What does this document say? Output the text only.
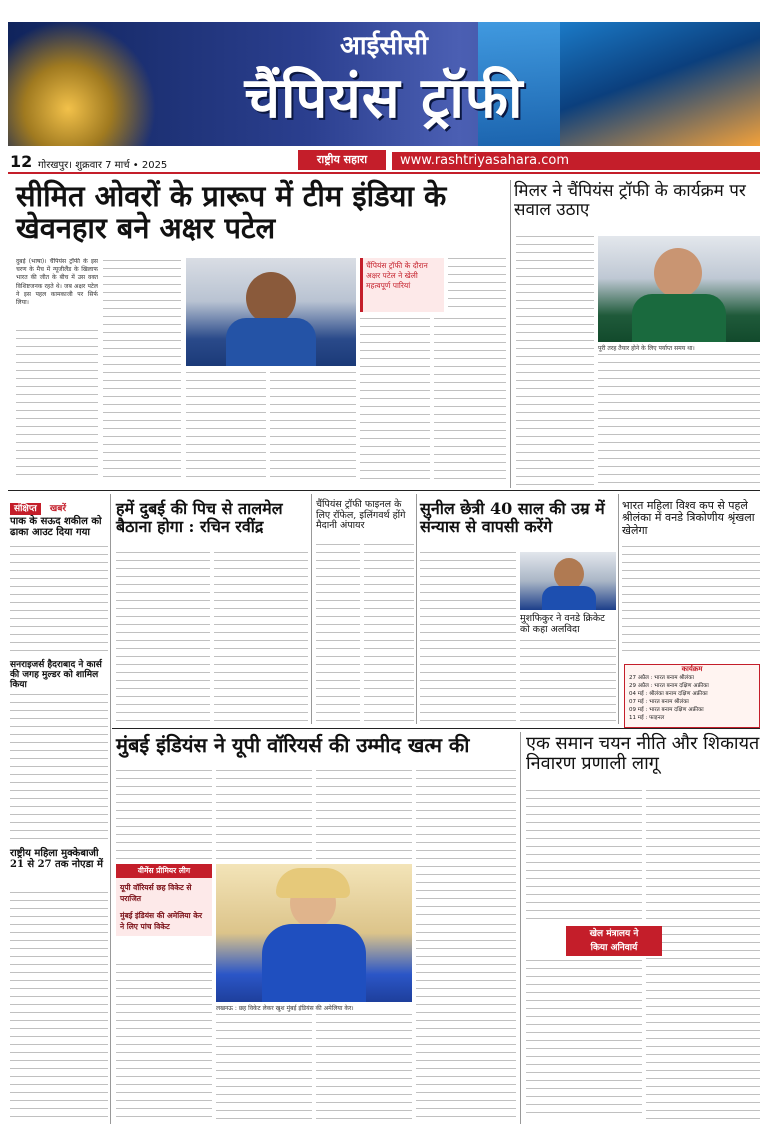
आईसीसी
चैंपियंस ट्रॉफी
12 गोरखपुर। शुक्रवार 7 मार्च • 2025	राष्ट्रीय सहारा	www.rashtriyasahara.com
सीमित ओवरों के प्रारूप में टीम इंडिया के खेवनहार बने अक्षर पटेल
दुबई (भाषा)। चैंपियंस ट्रॉफी के इस चरण के मैच में न्यूजीलैंड के खिलाफ भारत की जीत के बीच में उस वक्त विशिष्टजनक रहते थे। जब अक्षर पटेल ने इस पहल कामकाजी पर सिर्फ लिया।
चैंपियंस ट्रॉफी के दौरान अक्षर पटेल ने खेली महत्वपूर्ण पारियां
मिलर ने चैंपियंस ट्रॉफी के कार्यक्रम पर सवाल उठाए
पूरी तरह तैयार होने के लिए पर्याप्त समय था।
संक्षिप्त खबरें
पाक के सऊद शकील को ढाका आउट दिया गया
सनराइजर्स हैदराबाद ने कार्स की जगह मुल्डर को शामिल किया
राष्ट्रीय महिला मुक्केबाजी 21 से 27 तक नोएडा में
हमें दुबई की पिच से तालमेल बैठाना होगा : रचिन रवींद्र
चैंपियंस ट्रॉफी फाइनल के लिए रॉफेल, इलिंगवर्थ होंगे मैदानी अंपायर
सुनील छेत्री 40 साल की उम्र में संन्यास से वापसी करेंगे
मुशफिकुर ने वनडे क्रिकेट को कहा अलविदा
भारत महिला विश्व कप से पहले श्रीलंका में वनडे त्रिकोणीय श्रृंखला खेलेगा
कार्यक्रम
27 अप्रैल : भारत बनाम श्रीलंका
29 अप्रैल : भारत बनाम दक्षिण अफ्रीका
04 मई : श्रीलंका बनाम दक्षिण अफ्रीका
07 मई : भारत बनाम श्रीलंका
09 मई : भारत बनाम दक्षिण अफ्रीका
11 मई : फाइनल
मुंबई इंडियंस ने यूपी वॉरियर्स की उम्मीद खत्म की
वीमेंस प्रीमियर लीग
यूपी वॉरियर्स छह विकेट से पराजित
मुंबई इंडियंस की अमेलिया केर ने लिए पांच विकेट
लखनऊ : छह विकेट लेकर खुश मुंबई इंडियंस की अमेलिया केर।
एक समान चयन नीति और शिकायत निवारण प्रणाली लागू
खेल मंत्रालय ने
किया अनिवार्य
